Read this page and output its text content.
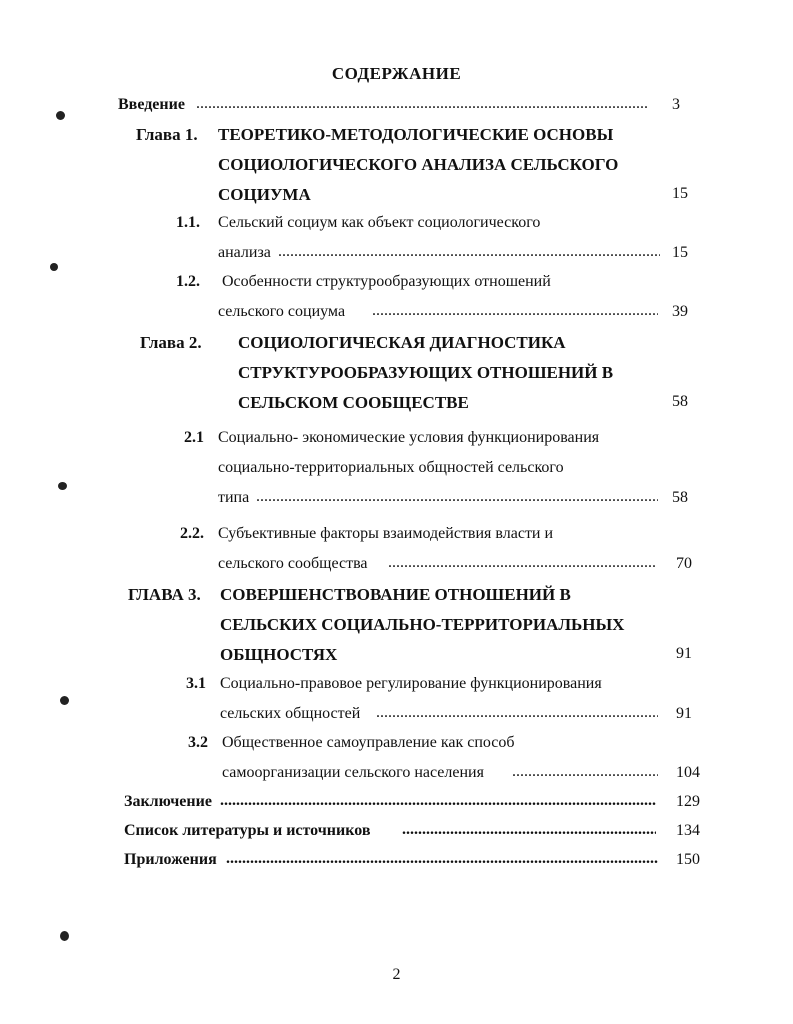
СОДЕРЖАНИЕ
Введение .....	3
Глава 1. ТЕОРЕТИКО-МЕТОДОЛОГИЧЕСКИЕ ОСНОВЫ
СОЦИОЛОГИЧЕСКОГО АНАЛИЗА СЕЛЬСКОГО
СОЦИУМА	15
1.1. Сельский социум как объект социологического
анализа .....	15
1.2. Особенности структурообразующих отношений
сельского социума .....	39
Глава 2. СОЦИОЛОГИЧЕСКАЯ ДИАГНОСТИКА
СТРУКТУРООБРАЗУЮЩИХ ОТНОШЕНИЙ В
СЕЛЬСКОМ СООБЩЕСТВЕ	58
2.1 Социально- экономические условия функционирования
социально-территориальных общностей сельского
типа .....	58
2.2. Субъективные факторы взаимодействия власти и
сельского сообщества .....	70
ГЛАВА 3. СОВЕРШЕНСТВОВАНИЕ ОТНОШЕНИЙ В
СЕЛЬСКИХ СОЦИАЛЬНО-ТЕРРИТОРИАЛЬНЫХ
ОБЩНОСТЯХ	91
3.1 Социально-правовое регулирование функционирования
сельских общностей .....	91
3.2 Общественное самоуправление как способ
самоорганизации сельского населения .....	104
Заключение .....	129
Список литературы и источников .....	134
Приложения .....	150
2
